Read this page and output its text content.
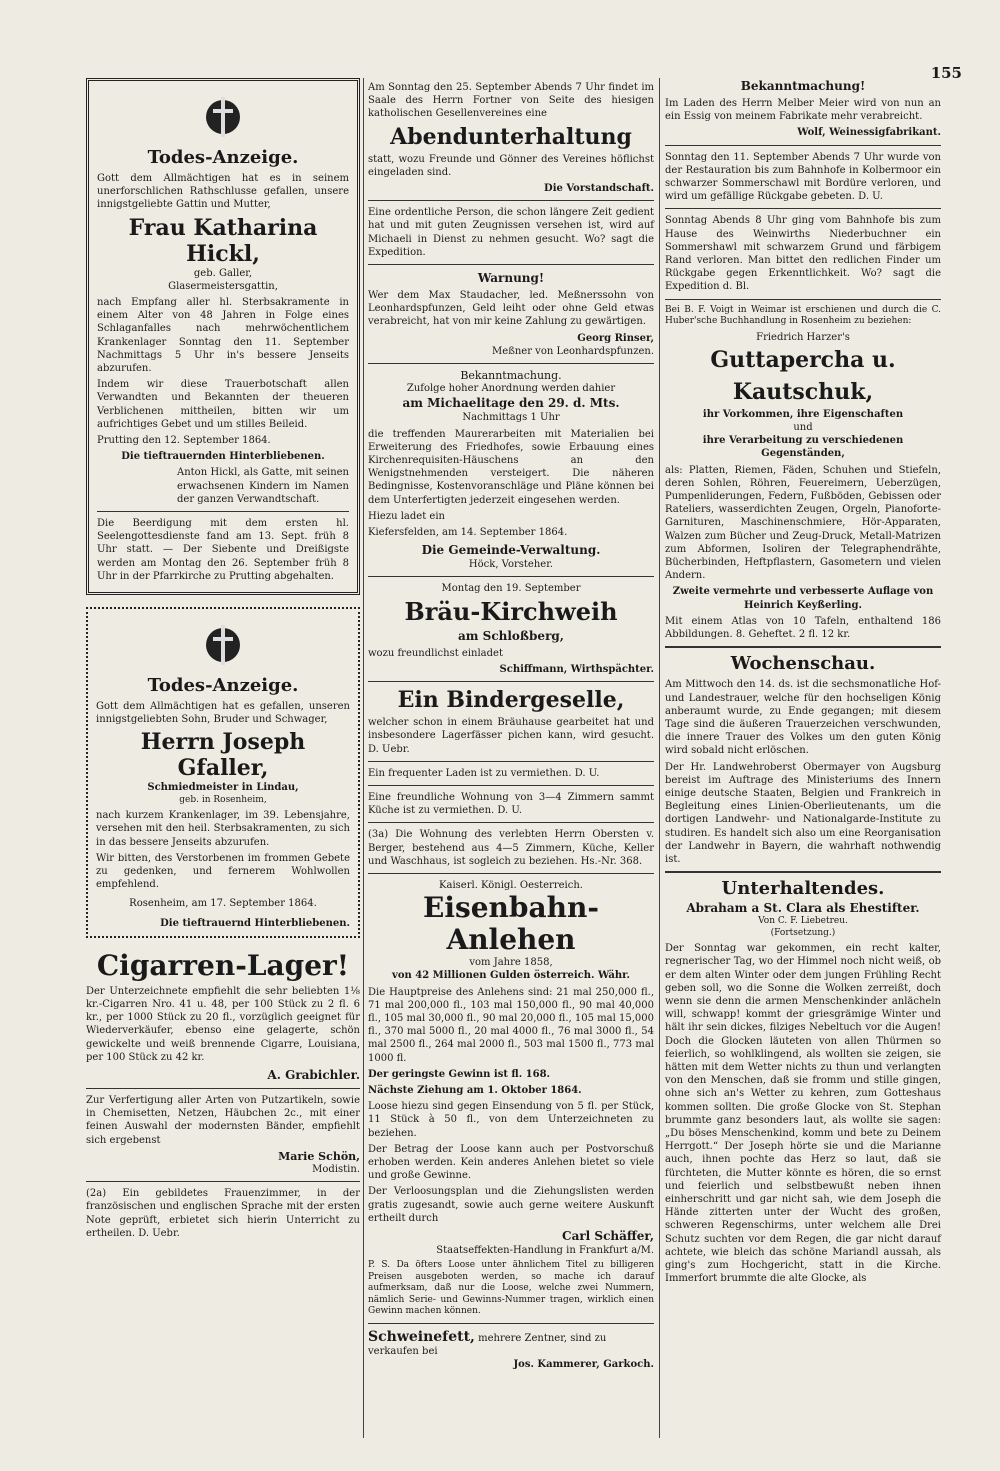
155
Todes-Anzeige.
Gott dem Allmächtigen hat es in seinem unerforschlichen Rathschlusse gefallen, unsere innigstgeliebte Gattin und Mutter,
Frau Katharina Hickl,
geb. Galler,
Glasermeistersgattin,
nach Empfang aller hl. Sterbsakramente in einem Alter von 48 Jahren in Folge eines Schlaganfalles nach mehrwöchentlichem Krankenlager Sonntag den 11. September Nachmittags 5 Uhr in's bessere Jenseits abzurufen.
Indem wir diese Trauerbotschaft allen Verwandten und Bekannten der theueren Verblichenen mittheilen, bitten wir um aufrichtiges Gebet und um stilles Beileid.
Prutting den 12. September 1864.
Die tieftrauernden Hinterbliebenen.
Anton Hickl, als Gatte, mit seinen erwachsenen Kindern im Namen der ganzen Verwandtschaft.
Die Beerdigung mit dem ersten hl. Seelengottesdienste fand am 13. Sept. früh 8 Uhr statt. — Der Siebente und Dreißigste werden am Montag den 26. September früh 8 Uhr in der Pfarrkirche zu Prutting abgehalten.
Todes-Anzeige.
Gott dem Allmächtigen hat es gefallen, unseren innigstgeliebten Sohn, Bruder und Schwager,
Herrn Joseph Gfaller,
Schmiedmeister in Lindau,
geb. in Rosenheim,
nach kurzem Krankenlager, im 39. Lebensjahre, versehen mit den heil. Sterbsakramenten, zu sich in das bessere Jenseits abzurufen.
Wir bitten, des Verstorbenen im frommen Gebete zu gedenken, und fernerem Wohlwollen empfehlend.
Rosenheim, am 17. September 1864.
Die tieftrauernd Hinterbliebenen.
Cigarren-Lager!
Der Unterzeichnete empfiehlt die sehr beliebten 1⅛ kr.-Cigarren Nro. 41 u. 48, per 100 Stück zu 2 fl. 6 kr., per 1000 Stück zu 20 fl., vorzüglich geeignet für Wiederverkäufer, ebenso eine gelagerte, schön gewickelte und weiß brennende Cigarre, Louisiana, per 100 Stück zu 42 kr.
A. Grabichler.
Zur Verfertigung aller Arten von Putzartikeln, sowie in Chemisetten, Netzen, Häubchen 2c., mit einer feinen Auswahl der modernsten Bänder, empfiehlt sich ergebenst
Marie Schön,
Modistin.
(2a) Ein gebildetes Frauenzimmer, in der französischen und englischen Sprache mit der ersten Note geprüft, erbietet sich hierin Unterricht zu ertheilen. D. Uebr.
Am Sonntag den 25. September Abends 7 Uhr findet im Saale des Herrn Fortner von Seite des hiesigen katholischen Gesellenvereines eine
Abendunterhaltung
statt, wozu Freunde und Gönner des Vereines höflichst eingeladen sind.
Die Vorstandschaft.
Eine ordentliche Person, die schon längere Zeit gedient hat und mit guten Zeugnissen versehen ist, wird auf Michaeli in Dienst zu nehmen gesucht. Wo? sagt die Expedition.
Warnung!
Wer dem Max Staudacher, led. Meßnerssohn von Leonhardspfunzen, Geld leiht oder ohne Geld etwas verabreicht, hat von mir keine Zahlung zu gewärtigen.
Georg Rinser,
Meßner von Leonhardspfunzen.
Bekanntmachung.
Zufolge hoher Anordnung werden dahier
am Michaelitage den 29. d. Mts.
Nachmittags 1 Uhr
die treffenden Maurerarbeiten mit Materialien bei Erweiterung des Friedhofes, sowie Erbauung eines Kirchenrequisiten-Häuschens an den Wenigstnehmenden versteigert. Die näheren Bedingnisse, Kostenvoranschläge und Pläne können bei dem Unterfertigten jederzeit eingesehen werden.
Hiezu ladet ein
Kiefersfelden, am 14. September 1864.
Die Gemeinde-Verwaltung.
Höck, Vorsteher.
Montag den 19. September
Bräu-Kirchweih
am Schloßberg,
wozu freundlichst einladet
Schiffmann, Wirthspächter.
Ein Bindergeselle,
welcher schon in einem Bräuhause gearbeitet hat und insbesondere Lagerfässer pichen kann, wird gesucht. D. Uebr.
Ein frequenter Laden ist zu vermiethen. D. U.
Eine freundliche Wohnung von 3—4 Zimmern sammt Küche ist zu vermiethen. D. U.
(3a) Die Wohnung des verlebten Herrn Obersten v. Berger, bestehend aus 4—5 Zimmern, Küche, Keller und Waschhaus, ist sogleich zu beziehen. Hs.-Nr. 368.
Kaiserl. Königl. Oesterreich.
Eisenbahn-Anlehen
vom Jahre 1858,
von 42 Millionen Gulden österreich. Währ.
Die Hauptpreise des Anlehens sind: 21 mal 250,000 fl., 71 mal 200,000 fl., 103 mal 150,000 fl., 90 mal 40,000 fl., 105 mal 30,000 fl., 90 mal 20,000 fl., 105 mal 15,000 fl., 370 mal 5000 fl., 20 mal 4000 fl., 76 mal 3000 fl., 54 mal 2500 fl., 264 mal 2000 fl., 503 mal 1500 fl., 773 mal 1000 fl.
Der geringste Gewinn ist fl. 168.
Nächste Ziehung am 1. Oktober 1864.
Loose hiezu sind gegen Einsendung von 5 fl. per Stück, 11 Stück à 50 fl., von dem Unterzeichneten zu beziehen.
Der Betrag der Loose kann auch per Postvorschuß erhoben werden. Kein anderes Anlehen bietet so viele und große Gewinne.
Der Verloosungsplan und die Ziehungslisten werden gratis zugesandt, sowie auch gerne weitere Auskunft ertheilt durch
Carl Schäffer,
Staatseffekten-Handlung in Frankfurt a/M.
P. S. Da öfters Loose unter ähnlichem Titel zu billigeren Preisen ausgeboten werden, so mache ich darauf aufmerksam, daß nur die Loose, welche zwei Nummern, nämlich Serie- und Gewinns-Nummer tragen, wirklich einen Gewinn machen können.
Schweinefett, mehrere Zentner, sind zu verkaufen bei
Jos. Kammerer, Garkoch.
Bekanntmachung!
Im Laden des Herrn Melber Meier wird von nun an ein Essig von meinem Fabrikate mehr verabreicht.
Wolf, Weinessigfabrikant.
Sonntag den 11. September Abends 7 Uhr wurde von der Restauration bis zum Bahnhofe in Kolbermoor ein schwarzer Sommerschawl mit Bordüre verloren, und wird um gefällige Rückgabe gebeten. D. U.
Sonntag Abends 8 Uhr ging vom Bahnhofe bis zum Hause des Weinwirths Niederbuchner ein Sommershawl mit schwarzem Grund und färbigem Rand verloren. Man bittet den redlichen Finder um Rückgabe gegen Erkenntlichkeit. Wo? sagt die Expedition d. Bl.
Bei B. F. Voigt in Weimar ist erschienen und durch die C. Huber'sche Buchhandlung in Rosenheim zu beziehen:
Friedrich Harzer's
Guttapercha u. Kautschuk,
ihr Vorkommen, ihre Eigenschaften
und
ihre Verarbeitung zu verschiedenen Gegenständen,
als: Platten, Riemen, Fäden, Schuhen und Stiefeln, deren Sohlen, Röhren, Feuereimern, Ueberzügen, Pumpenliderungen, Federn, Fußböden, Gebissen oder Rateliers, wasserdichten Zeugen, Orgeln, Pianoforte-Garnituren, Maschinenschmiere, Hör-Apparaten, Walzen zum Bücher und Zeug-Druck, Metall-Matrizen zum Abformen, Isoliren der Telegraphendrähte, Bücherbinden, Heftpflastern, Gasometern und vielen Andern.
Zweite vermehrte und verbesserte Auflage von Heinrich Keyßerling.
Mit einem Atlas von 10 Tafeln, enthaltend 186 Abbildungen. 8. Geheftet. 2 fl. 12 kr.
Wochenschau.
Am Mittwoch den 14. ds. ist die sechsmonatliche Hof- und Landestrauer, welche für den hochseligen König anberaumt wurde, zu Ende gegangen; mit diesem Tage sind die äußeren Trauerzeichen verschwunden, die innere Trauer des Volkes um den guten König wird sobald nicht erlöschen.
Der Hr. Landwehroberst Obermayer von Augsburg bereist im Auftrage des Ministeriums des Innern einige deutsche Staaten, Belgien und Frankreich in Begleitung eines Linien-Oberlieutenants, um die dortigen Landwehr- und Nationalgarde-Institute zu studiren. Es handelt sich also um eine Reorganisation der Landwehr in Bayern, die wahrhaft nothwendig ist.
Unterhaltendes.
Abraham a St. Clara als Ehestifter.
Von C. F. Liebetreu.
(Fortsetzung.)
Der Sonntag war gekommen, ein recht kalter, regnerischer Tag, wo der Himmel noch nicht weiß, ob er dem alten Winter oder dem jungen Frühling Recht geben soll, wo die Sonne die Wolken zerreißt, doch wenn sie denn die armen Menschenkinder anlächeln will, schwapp! kommt der griesgrämige Winter und hält ihr sein dickes, filziges Nebeltuch vor die Augen! Doch die Glocken läuteten von allen Thürmen so feierlich, so wohlklingend, als wollten sie zeigen, sie hätten mit dem Wetter nichts zu thun und verlangten von den Menschen, daß sie fromm und stille gingen, ohne sich an's Wetter zu kehren, zum Gotteshaus kommen sollten. Die große Glocke von St. Stephan brummte ganz besonders laut, als wollte sie sagen: „Du böses Menschenkind, komm und bete zu Deinem Herrgott.“ Der Joseph hörte sie und die Marianne auch, ihnen pochte das Herz so laut, daß sie fürchteten, die Mutter könnte es hören, die so ernst und feierlich und selbstbewußt neben ihnen einherschritt und gar nicht sah, wie dem Joseph die Hände zitterten unter der Wucht des großen, schweren Regenschirms, unter welchem alle Drei Schutz suchten vor dem Regen, die gar nicht darauf achtete, wie bleich das schöne Mariandl aussah, als ging's zum Hochgericht, statt in die Kirche. Immerfort brummte die alte Glocke, als
